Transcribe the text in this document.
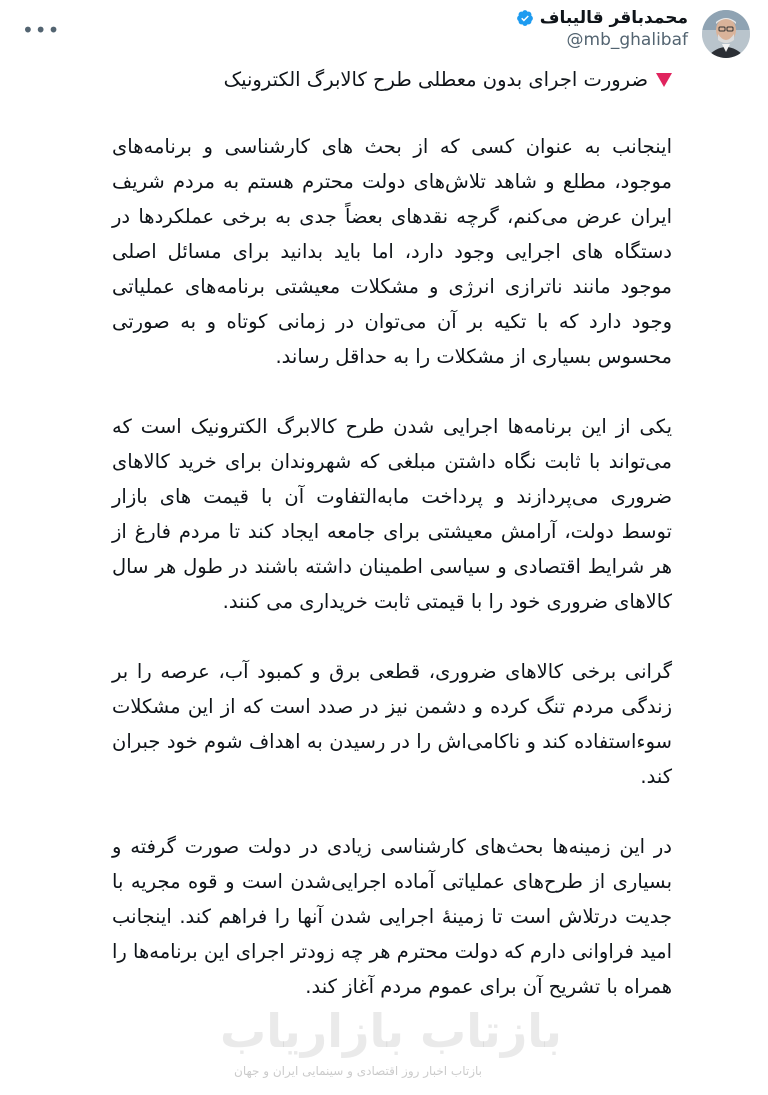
•••	محمدباقر قالیباف
@mb_ghalibaf
ضرورت اجرای بدون معطلی طرح کالابرگ الکترونیک

اینجانب به عنوان کسی که از بحث های کارشناسی و برنامه‌های موجود، مطلع و شاهد تلاش‌های دولت محترم هستم به مردم شریف ایران عرض می‌کنم، گرچه نقدهای بعضاً جدی به برخی عملکردها در دستگاه های اجرایی وجود دارد، اما باید بدانید برای مسائل اصلی موجود مانند ناترازی انرژی و مشکلات معیشتی برنامه‌های عملیاتی وجود دارد که با تکیه بر آن می‌توان در زمانی کوتاه و به صورتی محسوس بسیاری از مشکلات را به حداقل رساند.

یکی از این برنامه‌ها اجرایی شدن طرح کالابرگ الکترونیک است که می‌تواند با ثابت نگاه داشتن مبلغی که شهروندان برای خرید کالاهای ضروری می‌پردازند و پرداخت مابه‌التفاوت آن با قیمت های بازار توسط دولت، آرامش معیشتی برای جامعه ایجاد کند تا مردم فارغ از هر شرایط اقتصادی و سیاسی اطمینان داشته باشند در طول هر سال کالاهای ضروری خود را با قیمتی ثابت خریداری می کنند.

گرانی برخی کالاهای ضروری، قطعی برق و کمبود آب، عرصه را بر زندگی مردم تنگ کرده و دشمن نیز در صدد است که از این مشکلات سوءاستفاده کند و ناکامی‌اش را در رسیدن به اهداف شوم خود جبران کند.

در این زمینه‌ها بحث‌های کارشناسی زیادی در دولت صورت گرفته و بسیاری از طرح‌های عملیاتی آماده اجرایی‌شدن است و قوه مجریه با جدیت درتلاش است تا زمینهٔ اجرایی شدن آنها را فراهم کند. اینجانب امید فراوانی دارم که دولت محترم هر چه زودتر اجرای این برنامه‌ها را همراه با تشریح آن برای عموم مردم آغاز کند.

بازتاب بازاریاب
بازتاب اخبار روز اقتصادی و سینمایی ایران و جهان
